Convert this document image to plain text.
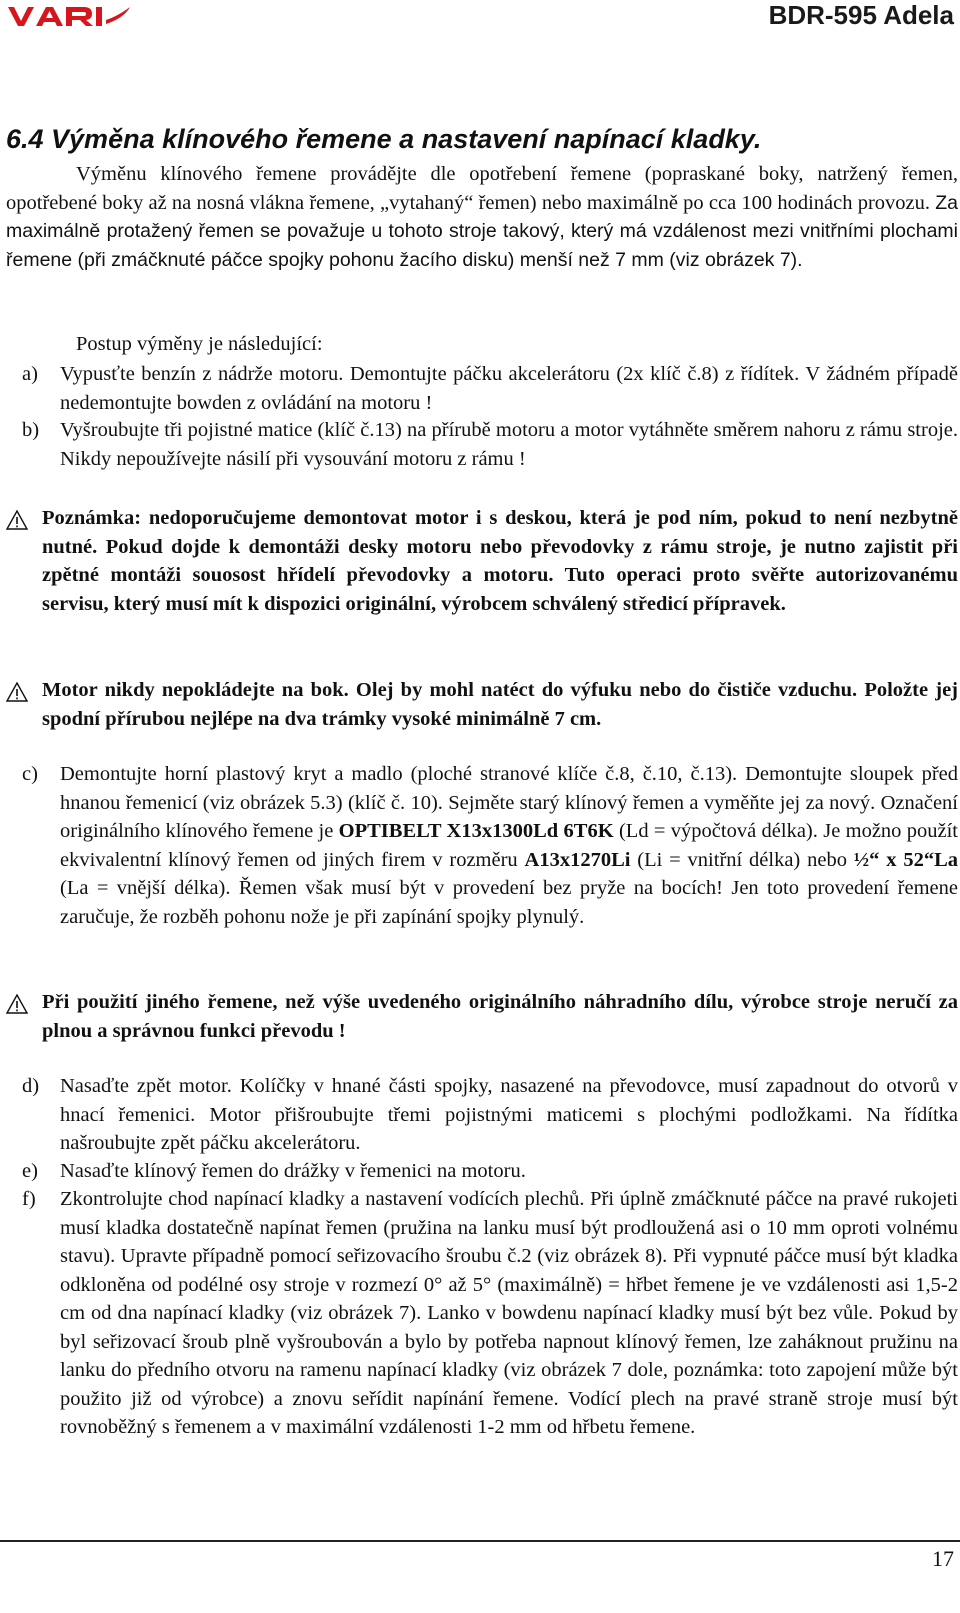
BDR-595 Adela
6.4 Výměna klínového řemene a nastavení napínací kladky.
Výměnu klínového řemene provádějte dle opotřebení řemene (popraskané boky, natržený řemen, opotřebené boky až na nosná vlákna řemene, „vytahaný“ řemen) nebo maximálně po cca 100 hodinách provozu. Za maximálně protažený řemen se považuje u tohoto stroje takový, který má vzdálenost mezi vnitřními plochami řemene (při zmáčknuté páčce spojky pohonu žacího disku) menší než 7 mm (viz obrázek 7).
Postup výměny je následující:
a) Vypusťte benzín z nádrže motoru. Demontujte páčku akcelerátoru (2x klíč č.8) z řídítek. V žádném případě nedemontujte bowden z ovládání na motoru !
b) Vyšroubujte tři pojistné matice (klíč č.13) na přírubě motoru a motor vytáhněte směrem nahoru z rámu stroje. Nikdy nepoužívejte násilí při vysouvání motoru z rámu !
Poznámka: nedoporučujeme demontovat motor i s deskou, která je pod ním, pokud to není nezbytně nutné. Pokud dojde k demontáži desky motoru nebo převodovky z rámu stroje, je nutno zajistit při zpětné montáži souosost hřídelí převodovky a motoru. Tuto operaci proto svěřte autorizovanému servisu, který musí mít k dispozici originální, výrobcem schválený středicí přípravek.
Motor nikdy nepokládejte na bok. Olej by mohl natéct do výfuku nebo do čističe vzduchu. Položte jej spodní přírubou nejlépe na dva trámky vysoké minimálně 7 cm.
c) Demontujte horní plastový kryt a madlo (ploché stranové klíče č.8, č.10, č.13). Demontujte sloupek před hnanou řemenicí (viz obrázek 5.3) (klíč č. 10). Sejměte starý klínový řemen a vyměňte jej za nový. Označení originálního klínového řemene je OPTIBELT X13x1300Ld 6T6K (Ld = výpočtová délka). Je možno použít ekvivalentní klínový řemen od jiných firem v rozměru A13x1270Li (Li = vnitřní délka) nebo ½“ x 52“La (La = vnější délka). Řemen však musí být v provedení bez pryže na bocích! Jen toto provedení řemene zaručuje, že rozběh pohonu nože je při zapínání spojky plynulý.
Při použití jiného řemene, než výše uvedeného originálního náhradního dílu, výrobce stroje neručí za plnou a správnou funkci převodu !
d) Nasaďte zpět motor. Kolíčky v hnané části spojky, nasazené na převodovce, musí zapadnout do otvorů v hnací řemenici. Motor přišroubujte třemi pojistnými maticemi s plochými podložkami. Na řídítka našroubujte zpět páčku akcelerátoru.
e) Nasaďte klínový řemen do drážky v řemenici na motoru.
f) Zkontrolujte chod napínací kladky a nastavení vodících plechů. Při úplně zmáčknuté páčce na pravé rukojeti musí kladka dostatečně napínat řemen (pružina na lanku musí být prodloužená asi o 10 mm oproti volnému stavu). Upravte případně pomocí seřizovacího šroubu č.2 (viz obrázek 8). Při vypnuté páčce musí být kladka odkloněna od podélné osy stroje v rozmezí 0° až 5° (maximálně) = hřbet řemene je ve vzdálenosti asi 1,5-2 cm od dna napínací kladky (viz obrázek 7). Lanko v bowdenu napínací kladky musí být bez vůle. Pokud by byl seřizovací šroub plně vyšroubován a bylo by potřeba napnout klínový řemen, lze zaháknout pružinu na lanku do předního otvoru na ramenu napínací kladky (viz obrázek 7 dole, poznámka: toto zapojení může být použito již od výrobce) a znovu seřídit napínání řemene. Vodící plech na pravé straně stroje musí být rovnoběžný s řemenem a v maximální vzdálenosti 1-2 mm od hřbetu řemene.
17
